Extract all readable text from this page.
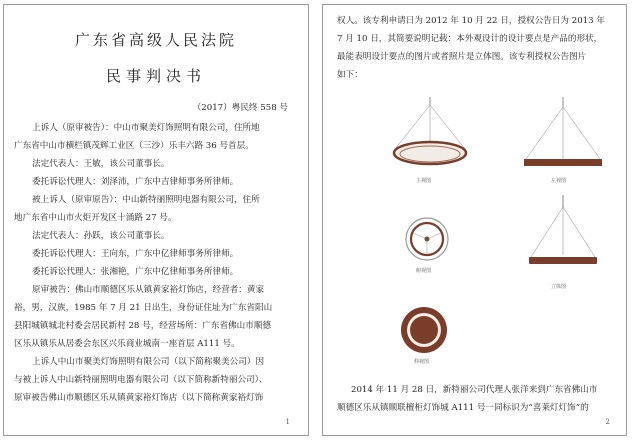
广东省高级人民法院
民事判决书
（2017）粤民终 558 号
上诉人（原审被告）：中山市聚美灯饰照明有限公司，住所地
广东省中山市横栏镇茂辉工业区（三沙）乐丰六路 36 号首层。
法定代表人：王敏，该公司董事长。
委托诉讼代理人：刘泽沛，广东中吉律师事务所律师。
被上诉人（原审原告）：中山新特丽照明电器有限公司，住所
地广东省中山市火炬开发区十涌路 27 号。
法定代表人：孙跃，该公司董事长。
委托诉讼代理人：王向东，广东中亿律师事务所律师。
委托诉讼代理人：张湘艳，广东中亿律师事务所律师。
原审被告：佛山市顺德区乐从镇黄家裕灯饰店，经营者：黄家
裕，男，汉族，1985 年 7 月 21 日出生，身份证住址为广东省阳山
县阳城镇城北村委会居民新村 28 号，经营场所：广东省佛山市顺德
区乐从镇乐从居委会东区兴乐商业城南一座首层 A111 号。
上诉人中山市聚美灯饰照明有限公司（以下简称聚美公司）因
与被上诉人中山新特丽照明电器有限公司（以下简称新特丽公司）、
原审被告佛山市顺德区乐从镇黄家裕灯饰店（以下简称黄家裕灯饰
1
权人。该专利申请日为 2012 年 10 月 22 日，授权公告日为 2013 年
7 月 10 日，其简要说明记载：本外观设计的设计要点是产品的形状，
最能表明设计要点的图片或者照片是立体图。该专利授权公告图片
如下：
主视图	左视图
俯视图
立体图
仰视图
2014 年 11 月 28 日，新特丽公司代理人张洋来到广东省佛山市
顺德区乐从镇顺联檀柜灯饰城 A111 号一同标识为“喜莱灯灯饰”的
2
